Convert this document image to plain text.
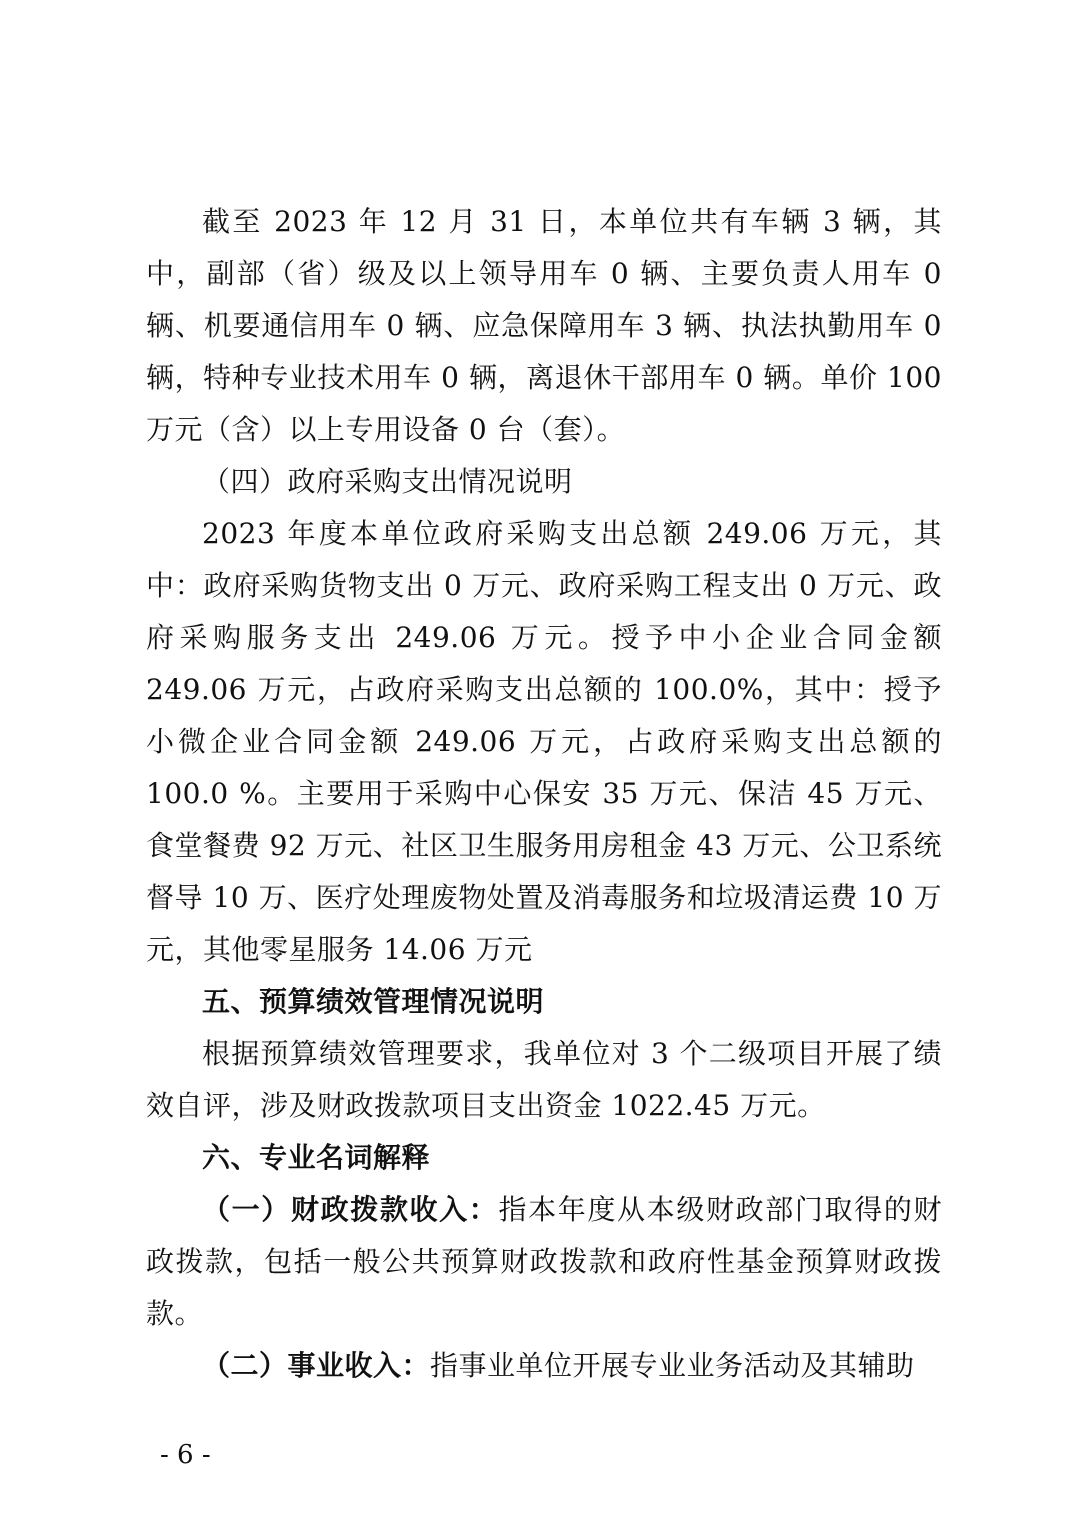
截至 2023 年 12 月 31 日，本单位共有车辆 3 辆，其中，副部（省）级及以上领导用车 0 辆、主要负责人用车 0 辆、机要通信用车 0 辆、应急保障用车 3 辆、执法执勤用车 0 辆，特种专业技术用车 0 辆，离退休干部用车 0 辆。单价 100 万元（含）以上专用设备 0 台（套）。

（四）政府采购支出情况说明

2023 年度本单位政府采购支出总额 249.06 万元，其中：政府采购货物支出 0 万元、政府采购工程支出 0 万元、政府采购服务支出 249.06 万元。授予中小企业合同金额 249.06 万元，占政府采购支出总额的 100.0%，其中：授予小微企业合同金额 249.06 万元，占政府采购支出总额的 100.0 %。主要用于采购中心保安 35 万元、保洁 45 万元、食堂餐费 92 万元、社区卫生服务用房租金 43 万元、公卫系统督导 10 万、医疗处理废物处置及消毒服务和垃圾清运费 10 万元，其他零星服务 14.06 万元

五、预算绩效管理情况说明

根据预算绩效管理要求，我单位对 3 个二级项目开展了绩效自评，涉及财政拨款项目支出资金 1022.45 万元。

六、专业名词解释

（一）财政拨款收入：指本年度从本级财政部门取得的财政拨款，包括一般公共预算财政拨款和政府性基金预算财政拨款。

（二）事业收入：指事业单位开展专业业务活动及其辅助

- 6 -
